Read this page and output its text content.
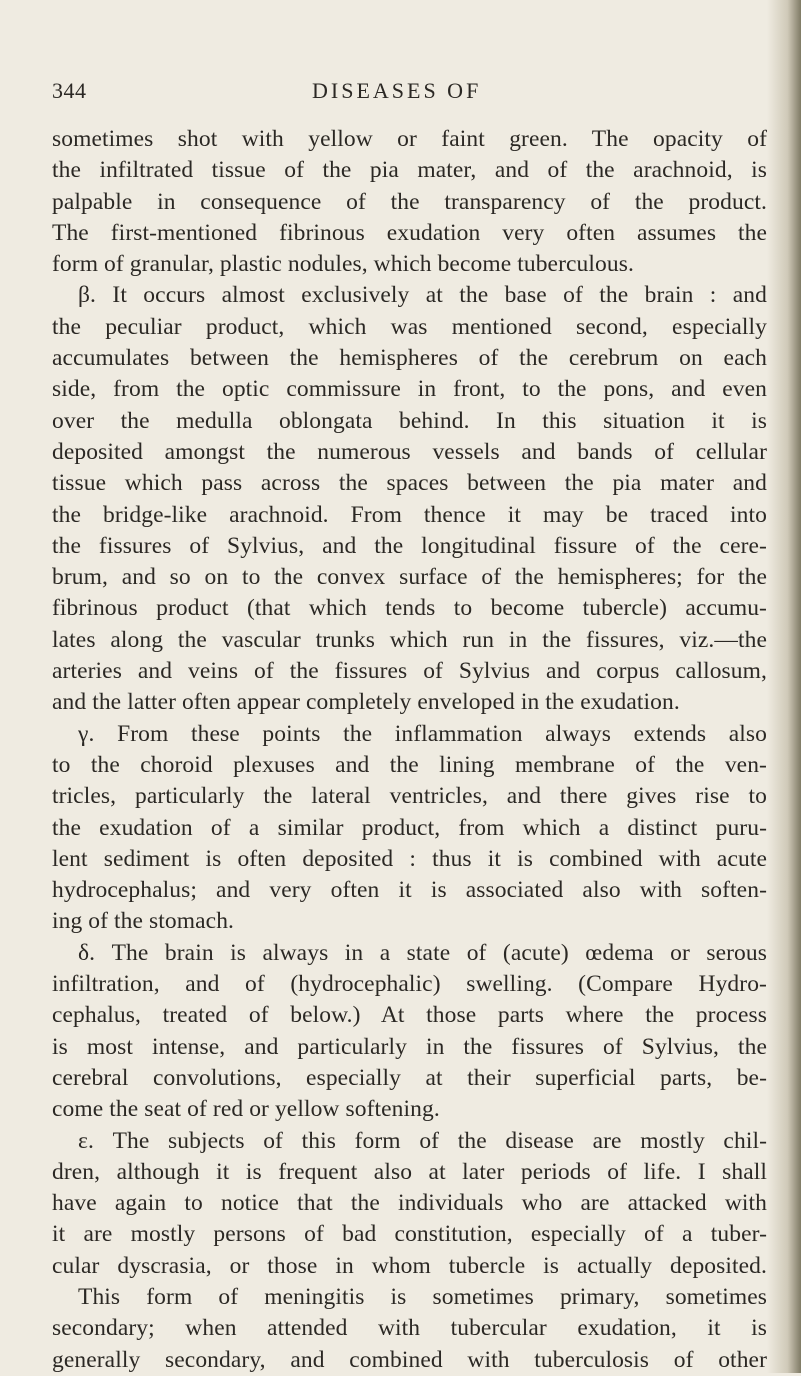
344	DISEASES OF
sometimes shot with yellow or faint green. The opacity of
the infiltrated tissue of the pia mater, and of the arachnoid, is
palpable in consequence of the transparency of the product.
The first-mentioned fibrinous exudation very often assumes the
form of granular, plastic nodules, which become tuberculous.
β. It occurs almost exclusively at the base of the brain : and
the peculiar product, which was mentioned second, especially
accumulates between the hemispheres of the cerebrum on each
side, from the optic commissure in front, to the pons, and even
over the medulla oblongata behind. In this situation it is
deposited amongst the numerous vessels and bands of cellular
tissue which pass across the spaces between the pia mater and
the bridge-like arachnoid. From thence it may be traced into
the fissures of Sylvius, and the longitudinal fissure of the cere-
brum, and so on to the convex surface of the hemispheres; for the
fibrinous product (that which tends to become tubercle) accumu-
lates along the vascular trunks which run in the fissures, viz.—the
arteries and veins of the fissures of Sylvius and corpus callosum,
and the latter often appear completely enveloped in the exudation.
γ. From these points the inflammation always extends also
to the choroid plexuses and the lining membrane of the ven-
tricles, particularly the lateral ventricles, and there gives rise to
the exudation of a similar product, from which a distinct puru-
lent sediment is often deposited : thus it is combined with acute
hydrocephalus; and very often it is associated also with soften-
ing of the stomach.
δ. The brain is always in a state of (acute) œdema or serous
infiltration, and of (hydrocephalic) swelling. (Compare Hydro-
cephalus, treated of below.) At those parts where the process
is most intense, and particularly in the fissures of Sylvius, the
cerebral convolutions, especially at their superficial parts, be-
come the seat of red or yellow softening.
ε. The subjects of this form of the disease are mostly chil-
dren, although it is frequent also at later periods of life. I shall
have again to notice that the individuals who are attacked with
it are mostly persons of bad constitution, especially of a tuber-
cular dyscrasia, or those in whom tubercle is actually deposited.
This form of meningitis is sometimes primary, sometimes
secondary; when attended with tubercular exudation, it is
generally secondary, and combined with tuberculosis of other
